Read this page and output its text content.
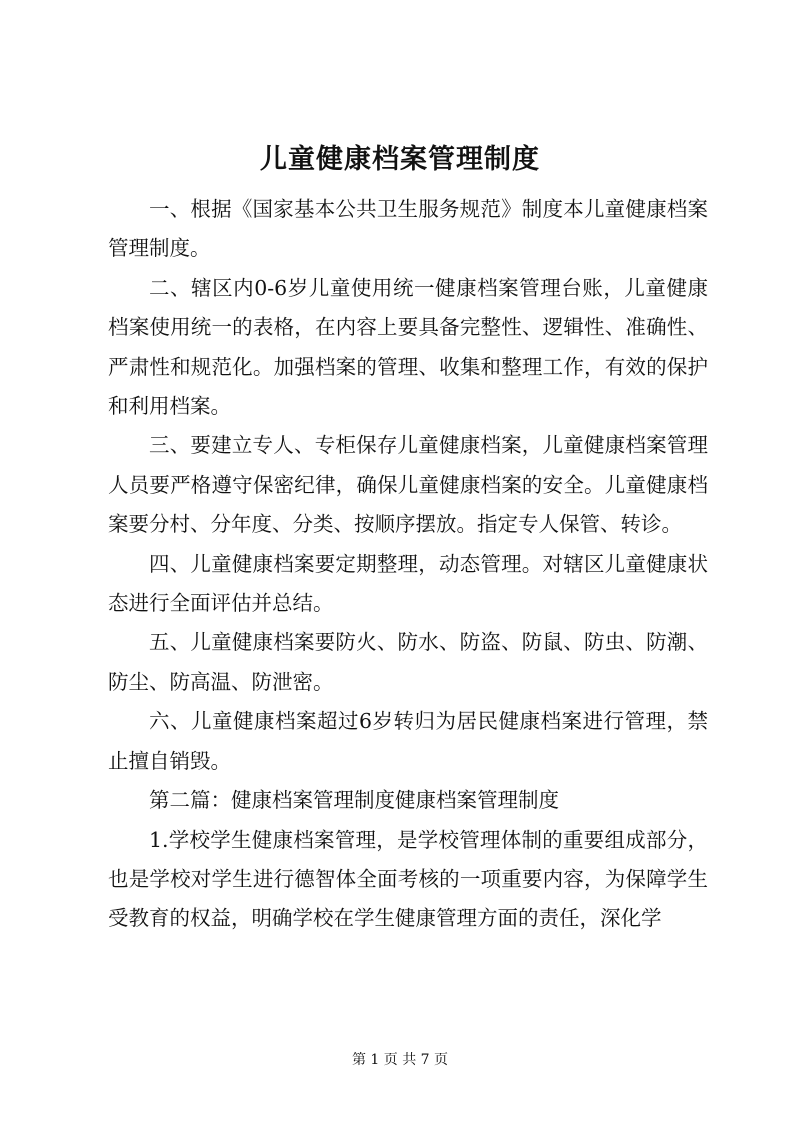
儿童健康档案管理制度

一、根据《国家基本公共卫生服务规范》制度本儿童健康档案管理制度。

二、辖区内0-6岁儿童使用统一健康档案管理台账，儿童健康档案使用统一的表格，在内容上要具备完整性、逻辑性、准确性、严肃性和规范化。加强档案的管理、收集和整理工作，有效的保护和利用档案。

三、要建立专人、专柜保存儿童健康档案，儿童健康档案管理人员要严格遵守保密纪律，确保儿童健康档案的安全。儿童健康档案要分村、分年度、分类、按顺序摆放。指定专人保管、转诊。

四、儿童健康档案要定期整理，动态管理。对辖区儿童健康状态进行全面评估并总结。

五、儿童健康档案要防火、防水、防盗、防鼠、防虫、防潮、防尘、防高温、防泄密。

六、儿童健康档案超过6岁转归为居民健康档案进行管理，禁止擅自销毁。

第二篇：健康档案管理制度健康档案管理制度

1.学校学生健康档案管理，是学校管理体制的重要组成部分，也是学校对学生进行德智体全面考核的一项重要内容，为保障学生受教育的权益，明确学校在学生健康管理方面的责任，深化学

第 1 页 共 7 页
